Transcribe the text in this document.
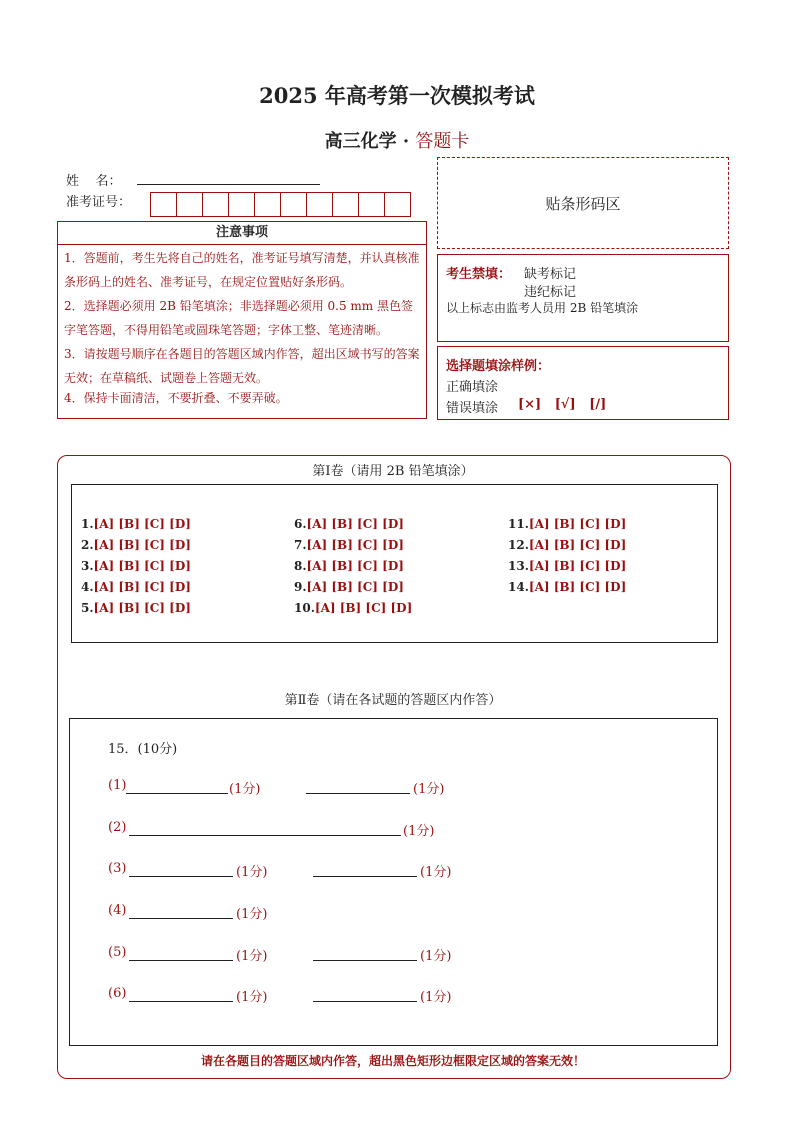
2025 年高考第一次模拟考试
高三化学 · 答题卡
姓    名：
准考证号：	贴条形码区
注意事项

1．答题前，考生先将自己的姓名，准考证号填写清楚，并认真核准条形码上的姓名、准考证号，在规定位置贴好条形码。

2．选择题必须用 2B 铅笔填涂；非选择题必须用 0.5 mm 黑色签字笔答题，不得用铅笔或圆珠笔答题；字体工整、笔迹清晰。

3．请按题号顺序在各题目的答题区域内作答，超出区域书写的答案无效；在草稿纸、试题卷上答题无效。

4．保持卡面清洁，不要折叠、不要弄破。

考生禁填： 缺考标记
违纪标记
以上标志由监考人员用 2B 铅笔填涂
选择题填涂样例：
正确填涂
错误填涂 [×]   [√]   [/]
第Ⅰ卷（请用 2B 铅笔填涂）
1.[A] [B] [C] [D]
2.[A] [B] [C] [D]
3.[A] [B] [C] [D]
4.[A] [B] [C] [D]
5.[A] [B] [C] [D]
6.[A] [B] [C] [D]
7.[A] [B] [C] [D]
8.[A] [B] [C] [D]
9.[A] [B] [C] [D]
10.[A] [B] [C] [D]
11.[A] [B] [C] [D]
12.[A] [B] [C] [D]
13.[A] [B] [C] [D]
14.[A] [B] [C] [D]
第Ⅱ卷（请在各试题的答题区内作答）
15．(10分)
(1)	(1分)	(1分)
(2)	(1分)
(3)	(1分)	(1分)
(4)	(1分)
(5)	(1分)	(1分)
(6)	(1分)	(1分)
请在各题目的答题区域内作答，超出黑色矩形边框限定区域的答案无效！
